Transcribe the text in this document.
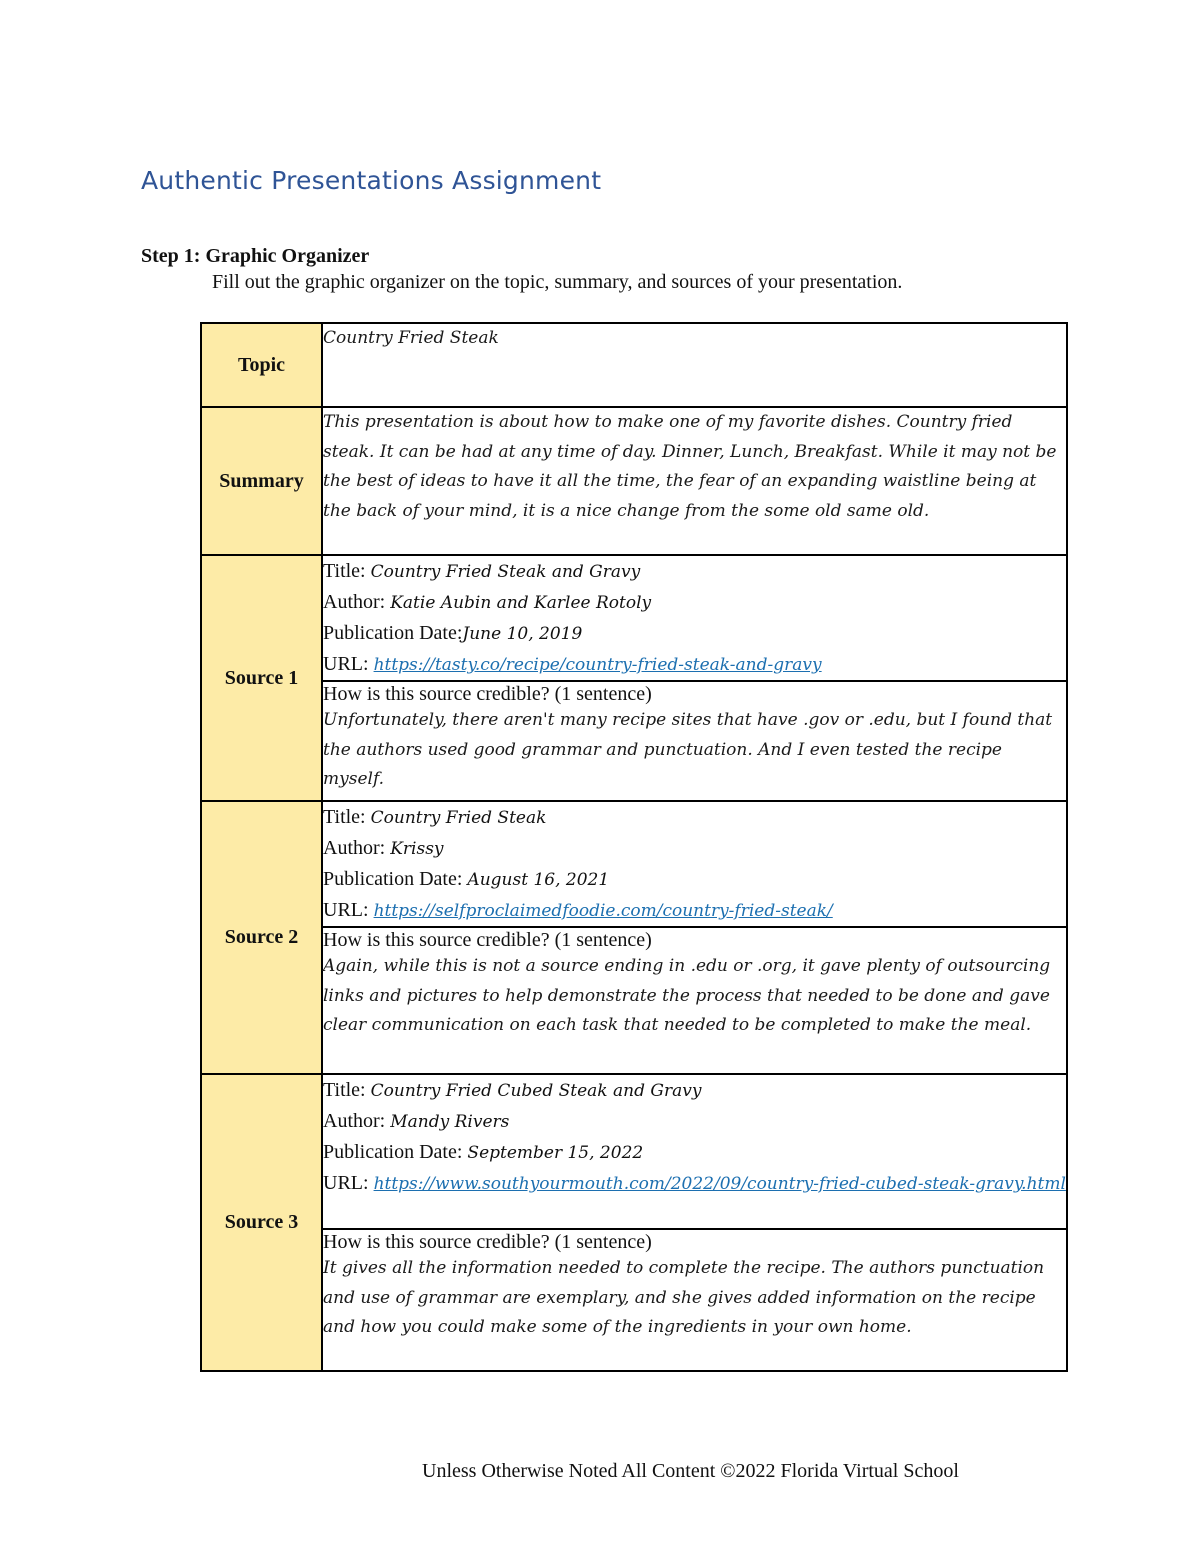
Authentic Presentations Assignment
Step 1: Graphic Organizer
Fill out the graphic organizer on the topic, summary, and sources of your presentation.
Topic	Country Fried Steak

Summary	This presentation is about how to make one of my favorite dishes. Country fried steak. It can be had at any time of day. Dinner, Lunch, Breakfast. While it may not be the best of ideas to have it all the time, the fear of an expanding waistline being at the back of your mind, it is a nice change from the some old same old.

Source 1	Title: Country Fried Steak and Gravy
Author: Katie Aubin and Karlee Rotoly
Publication Date:June 10, 2019
URL: https://tasty.co/recipe/country-fried-steak-and-gravy

	How is this source credible? (1 sentence)
Unfortunately, there aren't many recipe sites that have .gov or .edu, but I found that the authors used good grammar and punctuation. And I even tested the recipe myself.

Source 2	Title: Country Fried Steak
Author: Krissy
Publication Date: August 16, 2021
URL: https://selfproclaimedfoodie.com/country-fried-steak/

	How is this source credible? (1 sentence)
Again, while this is not a source ending in .edu or .org, it gave plenty of outsourcing links and pictures to help demonstrate the process that needed to be done and gave clear communication on each task that needed to be completed to make the meal.

Source 3	Title: Country Fried Cubed Steak and Gravy
Author: Mandy Rivers
Publication Date: September 15, 2022
URL: https://www.southyourmouth.com/2022/09/country-fried-cubed-steak-gravy.html

	How is this source credible? (1 sentence)
It gives all the information needed to complete the recipe. The authors punctuation and use of grammar are exemplary, and she gives added information on the recipe and how you could make some of the ingredients in your own home.
Unless Otherwise Noted All Content ©2022 Florida Virtual School
